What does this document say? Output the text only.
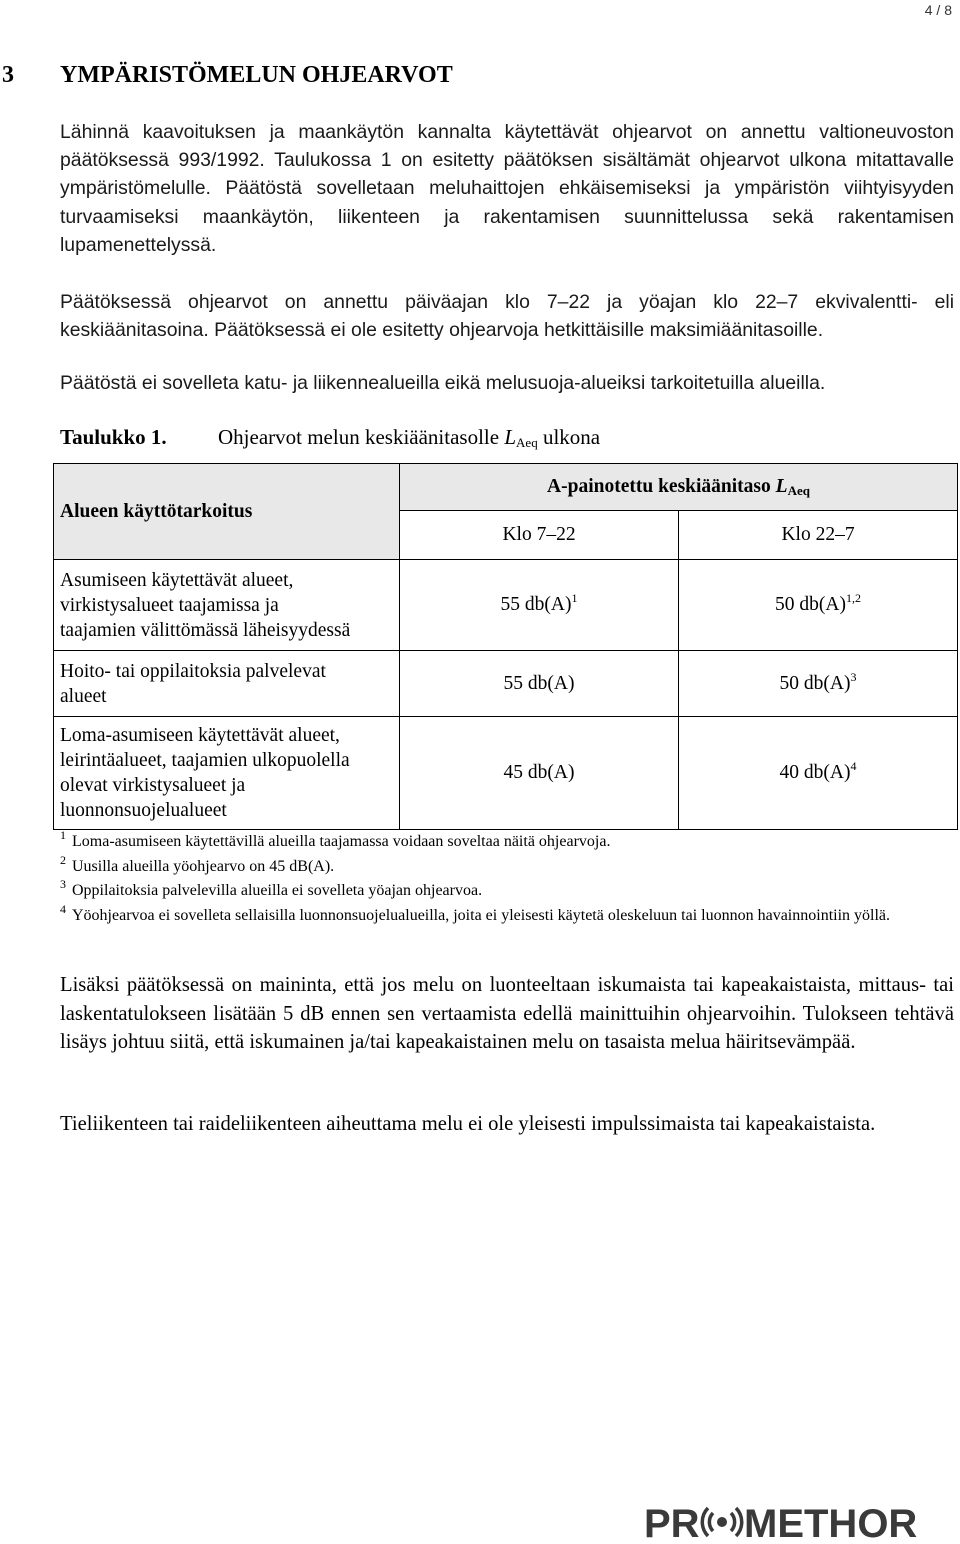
4 / 8
3	YMPÄRISTÖMELUN OHJEARVOT
Lähinnä kaavoituksen ja maankäytön kannalta käytettävät ohjearvot on annettu valtioneuvoston päätöksessä 993/1992. Taulukossa 1 on esitetty päätöksen sisältämät ohjearvot ulkona mitattavalle ympäristömelulle. Päätöstä sovelletaan meluhaittojen ehkäisemiseksi ja ympäristön viihtyisyyden turvaamiseksi maankäytön, liikenteen ja rakentamisen suunnittelussa sekä rakentamisen lupamenettelyssä.
Päätöksessä ohjearvot on annettu päiväajan klo 7–22 ja yöajan klo 22–7 ekvivalentti- eli keskiäänitasoina. Päätöksessä ei ole esitetty ohjearvoja hetkittäisille maksimiäänitasoille.
Päätöstä ei sovelleta katu- ja liikennealueilla eikä melusuoja-alueiksi tarkoitetuilla alueilla.
Taulukko 1. Ohjearvot melun keskiäänitasolle $L_{Aeq}$ ulkona
Alueen käyttötarkoitus	A-painotettu keskiäänitaso $L_{Aeq}$
	Klo 7–22	Klo 22–7

Asumiseen käytettävät alueet,
virkistysalueet taajamissa ja
taajamien välittömässä läheisyydessä	55 $db(A)^1$	50 $db(A)^{1,2}$

Hoito- tai oppilaitoksia palvelevat
alueet	55 db(A)	50 $db(A)^3$

Loma-asumiseen käytettävät alueet,
leirintäalueet, taajamien ulkopuolella
olevat virkistysalueet ja
luonnonsuojelualueet	45 db(A)	40 $db(A)^4$
1 Loma-asumiseen käytettävillä alueilla taajamassa voidaan soveltaa näitä ohjearvoja.
2 Uusilla alueilla yöohjearvo on 45 dB(A).
3 Oppilaitoksia palvelevilla alueilla ei sovelleta yöajan ohjearvoa.
4 Yöohjearvoa ei sovelleta sellaisilla luonnonsuojelualueilla, joita ei yleisesti käytetä oleskeluun tai luonnon havainnointiin yöllä.
Lisäksi päätöksessä on maininta, että jos melu on luonteeltaan iskumaista tai kapeakaistaista, mittaus- tai laskentatulokseen lisätään 5 dB ennen sen vertaamista edellä mainittuihin ohjearvoihin. Tulokseen tehtävä lisäys johtuu siitä, että iskumainen ja/tai kapeakaistainen melu on tasaista melua häiritsevämpää.
Tieliikenteen tai raideliikenteen aiheuttama melu ei ole yleisesti impulssimaista tai kapeakaistaista.
PR METHOR
